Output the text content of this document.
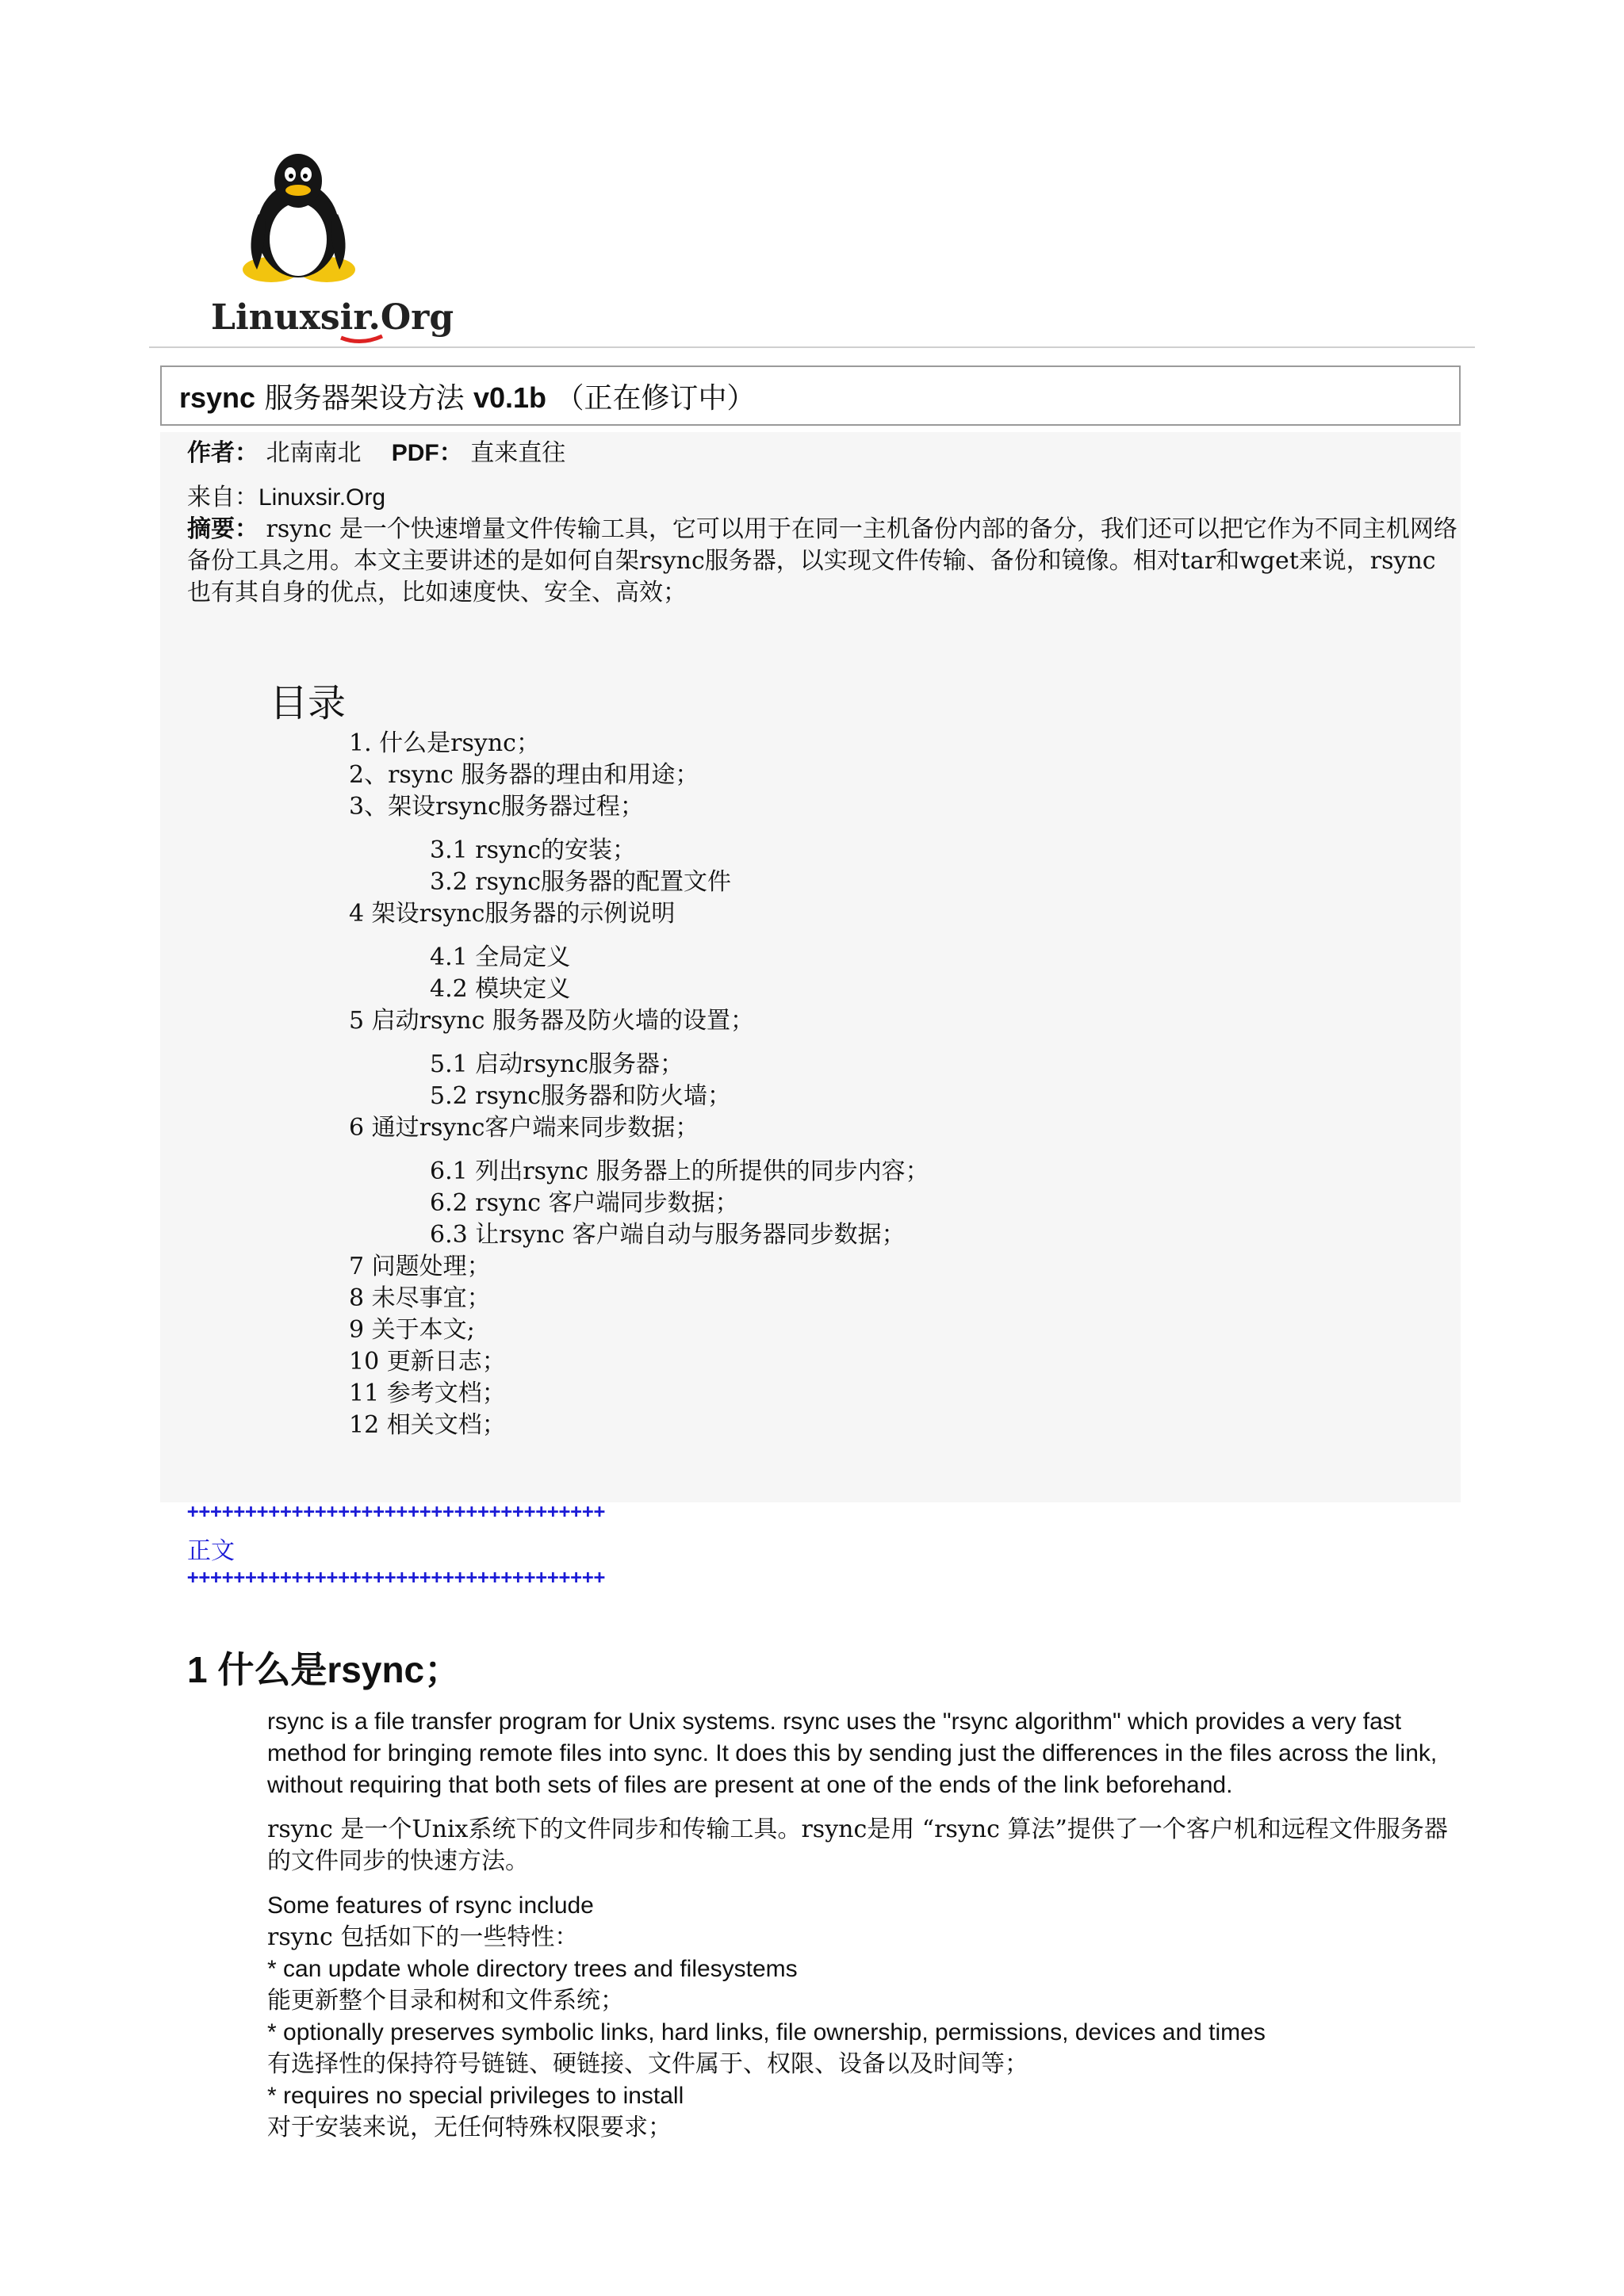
Linuxsir.Org
rsync 服务器架设方法 v0.1b （正在修订中）
作者： 北南南北 PDF： 直来直往
来自：Linuxsir.Org
摘要： rsync 是一个快速增量文件传输工具，它可以用于在同一主机备份内部的备分，我们还可以把它作为不同主机网络备份工具之用。本文主要讲述的是如何自架rsync服务器，以实现文件传输、备份和镜像。相对tar和wget来说，rsync 也有其自身的优点，比如速度快、安全、高效；
目录
1. 什么是rsync；
2、rsync 服务器的理由和用途；
3、架设rsync服务器过程；
3.1 rsync的安装；
3.2 rsync服务器的配置文件
4 架设rsync服务器的示例说明
4.1 全局定义
4.2 模块定义
5 启动rsync 服务器及防火墙的设置；
5.1 启动rsync服务器；
5.2 rsync服务器和防火墙；
6 通过rsync客户端来同步数据；
6.1 列出rsync 服务器上的所提供的同步内容；
6.2 rsync 客户端同步数据；
6.3 让rsync 客户端自动与服务器同步数据；
7 问题处理；
8 未尽事宜；
9 关于本文;
10 更新日志；
11 参考文档；
12 相关文档；
++++++++++++++++++++++++++++++++++++
正文
++++++++++++++++++++++++++++++++++++
1 什么是rsync；
rsync is a file transfer program for Unix systems. rsync uses the "rsync algorithm" which provides a very fast method for bringing remote files into sync. It does this by sending just the differences in the files across the link, without requiring that both sets of files are present at one of the ends of the link beforehand.
rsync 是一个Unix系统下的文件同步和传输工具。rsync是用 “rsync 算法”提供了一个客户机和远程文件服务器的文件同步的快速方法。
Some features of rsync include
rsync 包括如下的一些特性：
* can update whole directory trees and filesystems
能更新整个目录和树和文件系统；
* optionally preserves symbolic links, hard links, file ownership, permissions, devices and times
有选择性的保持符号链链、硬链接、文件属于、权限、设备以及时间等；
* requires no special privileges to install
对于安装来说，无任何特殊权限要求；
